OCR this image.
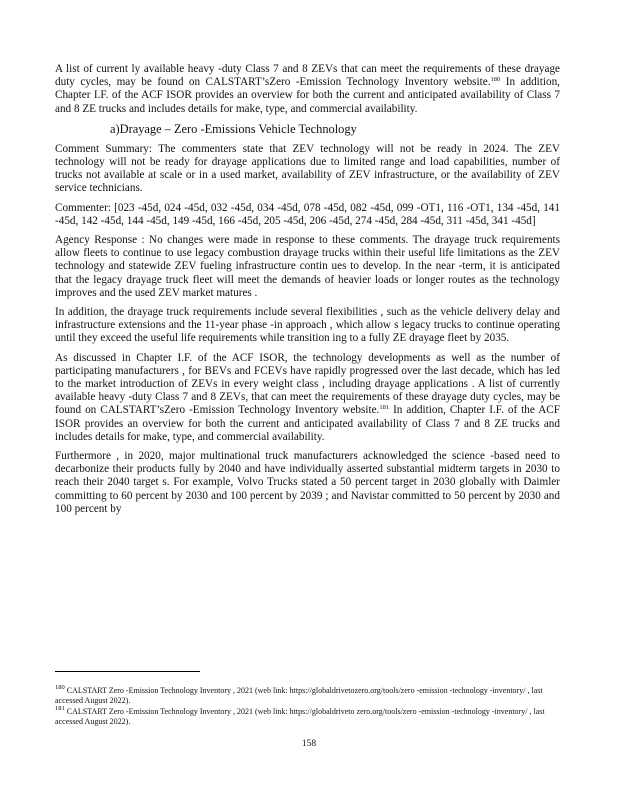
A list of current ly available heavy -duty Class 7 and 8 ZEVs that can meet the requirements of these drayage duty cycles, may be found on CALSTART’sZero -Emission Technology Inventory website.$^{180}$ In addition, Chapter I.F. of the ACF ISOR provides an overview for both the current and anticipated availability of Class 7 and 8 ZE trucks and includes details for make, type, and commercial availability.

a)Drayage – Zero -Emissions Vehicle Technology

Comment Summary: The commenters state that ZEV technology will not be ready in 2024. The ZEV technology will not be ready for drayage applications due to limited range and load capabilities, number of trucks not available at scale or in a used market, availability of ZEV infrastructure, or the availability of ZEV service technicians.

Commenter: [023 -45d, 024 -45d, 032 -45d, 034 -45d, 078 -45d, 082 -45d, 099 -OT1, 116 -OT1, 134 -45d, 141 -45d, 142 -45d, 144 -45d, 149 -45d, 166 -45d, 205 -45d, 206 -45d, 274 -45d, 284 -45d, 311 -45d, 341 -45d]

Agency Response : No changes were made in response to these comments. The drayage truck requirements allow fleets to continue to use legacy combustion drayage trucks within their useful life limitations as the ZEV technology and statewide ZEV fueling infrastructure contin ues to develop. In the near -term, it is anticipated that the legacy drayage truck fleet will meet the demands of heavier loads or longer routes as the technology improves and the used ZEV market matures .

In addition, the drayage truck requirements include several flexibilities , such as the vehicle delivery delay and infrastructure extensions and the 11-year phase -in approach , which allow s legacy trucks to continue operating until they exceed the useful life requirements while transition ing to a fully ZE drayage fleet by 2035.

As discussed in Chapter I.F. of the ACF ISOR, the technology developments as well as the number of participating manufacturers , for BEVs and FCEVs have rapidly progressed over the last decade, which has led to the market introduction of ZEVs in every weight class , including drayage applications . A list of currently available heavy -duty Class 7 and 8 ZEVs, that can meet the requirements of these drayage duty cycles, may be found on CALSTART’sZero -Emission Technology Inventory website.$^{181}$ In addition, Chapter I.F. of the ACF ISOR provides an overview for both the current and anticipated availability of Class 7 and 8 ZE trucks and includes details for make, type, and commercial availability.

Furthermore , in 2020, major multinational truck manufacturers acknowledged the science -based need to decarbonize their products fully by 2040 and have individually asserted substantial midterm targets in 2030 to reach their 2040 target s. For example, Volvo Trucks stated a 50 percent target in 2030 globally with Daimler committing to 60 percent by 2030 and 100 percent by 2039 ; and Navistar committed to 50 percent by 2030 and 100 percent by

$^{180}$ CALSTART Zero -Emission Technology Inventory , 2021 (web link: https://globaldrivetozero.org/tools/zero -emission -technology -inventory/ , last accessed August 2022).
$^{181}$ CALSTART Zero -Emission Technology Inventory , 2021 (web link: https://globaldriveto zero.org/tools/zero -emission -technology -inventory/ , last accessed August 2022).
158
